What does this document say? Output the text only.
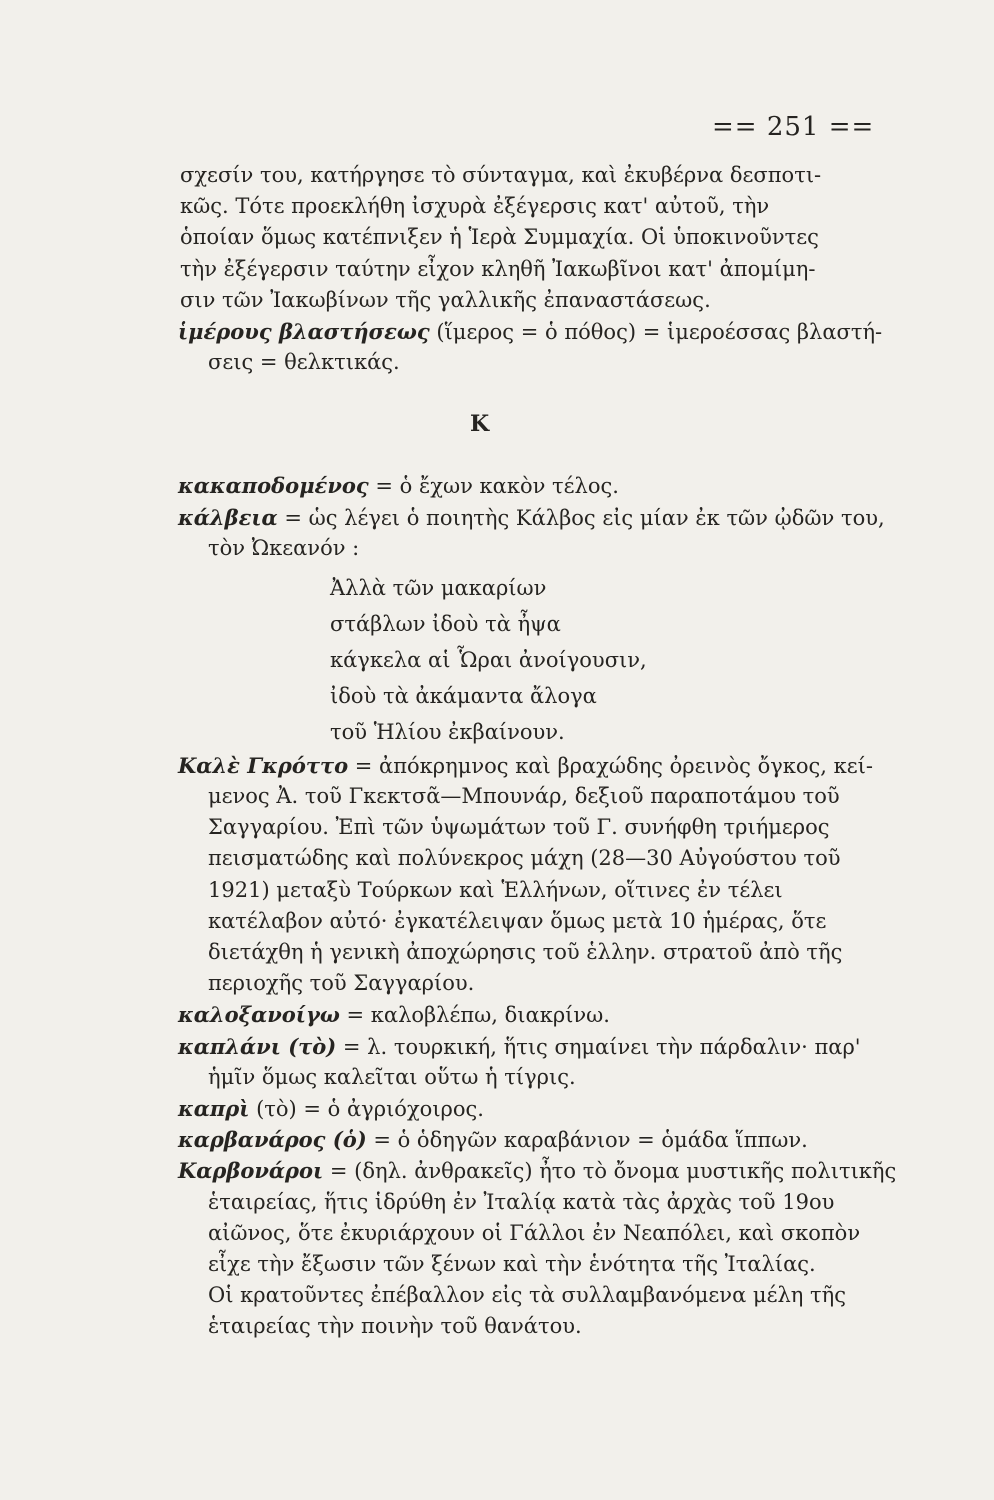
== 251 ==
σχεσίν του, κατήργησε τὸ σύνταγμα, καὶ ἐκυβέρνα δεσποτι-
κῶς. Τότε προεκλήθη ἰσχυρὰ ἐξέγερσις κατ' αὐτοῦ, τὴν
ὁποίαν ὅμως κατέπνιξεν ἡ Ἱερὰ Συμμαχία. Οἱ ὑποκινοῦντες
τὴν ἐξέγερσιν ταύτην εἶχον κληθῆ Ἰακωβῖνοι κατ' ἀπομίμη-
σιν τῶν Ἰακωβίνων τῆς γαλλικῆς ἐπαναστάσεως.
ἱμέρους βλαστήσεως (ἵμερος = ὁ πόθος) = ἱμεροέσσας βλαστή-
σεις = θελκτικάς.
Κ
κακαποδομένος = ὁ ἔχων κακὸν τέλος.
κάλβεια = ὡς λέγει ὁ ποιητὴς Κάλβος εἰς μίαν ἐκ τῶν ᾠδῶν του,
τὸν Ὠκεανόν :
Ἀλλὰ τῶν μακαρίων
στάβλων ἰδοὺ τὰ ἦψα
κάγκελα αἱ Ὧραι ἀνοίγουσιν,
ἰδοὺ τὰ ἀκάμαντα ἄλογα
τοῦ Ἡλίου ἐκβαίνουν.
Καλὲ Γκρόττο = ἀπόκρημνος καὶ βραχώδης ὀρεινὸς ὄγκος, κεί-
μενος Ἀ. τοῦ Γκεκτσᾶ—Μπουνάρ, δεξιοῦ παραποτάμου τοῦ
Σαγγαρίου. Ἐπὶ τῶν ὑψωμάτων τοῦ Γ. συνήφθη τριήμερος
πεισματώδης καὶ πολύνεκρος μάχη (28—30 Αὐγούστου τοῦ
1921) μεταξὺ Τούρκων καὶ Ἑλλήνων, οἵτινες ἐν τέλει
κατέλαβον αὐτό· ἐγκατέλειψαν ὅμως μετὰ 10 ἡμέρας, ὅτε
διετάχθη ἡ γενικὴ ἀποχώρησις τοῦ ἑλλην. στρατοῦ ἀπὸ τῆς
περιοχῆς τοῦ Σαγγαρίου.
καλοξανοίγω = καλοβλέπω, διακρίνω.
καπλάνι (τὸ) = λ. τουρκική, ἥτις σημαίνει τὴν πάρδαλιν· παρ'
ἡμῖν ὅμως καλεῖται οὕτω ἡ τίγρις.
καπρὶ (τὸ) = ὁ ἀγριόχοιρος.
καρβανάρος (ὁ) = ὁ ὁδηγῶν καραβάνιον = ὁμάδα ἵππων.
Καρβονάροι = (δηλ. ἀνθρακεῖς) ἦτο τὸ ὄνομα μυστικῆς πολιτικῆς
ἑταιρείας, ἥτις ἱδρύθη ἐν Ἰταλίᾳ κατὰ τὰς ἀρχὰς τοῦ 19ου
αἰῶνος, ὅτε ἐκυριάρχουν οἱ Γάλλοι ἐν Νεαπόλει, καὶ σκοπὸν
εἶχε τὴν ἔξωσιν τῶν ξένων καὶ τὴν ἑνότητα τῆς Ἰταλίας.
Οἱ κρατοῦντες ἐπέβαλλον εἰς τὰ συλλαμβανόμενα μέλη τῆς
ἑταιρείας τὴν ποινὴν τοῦ θανάτου.
